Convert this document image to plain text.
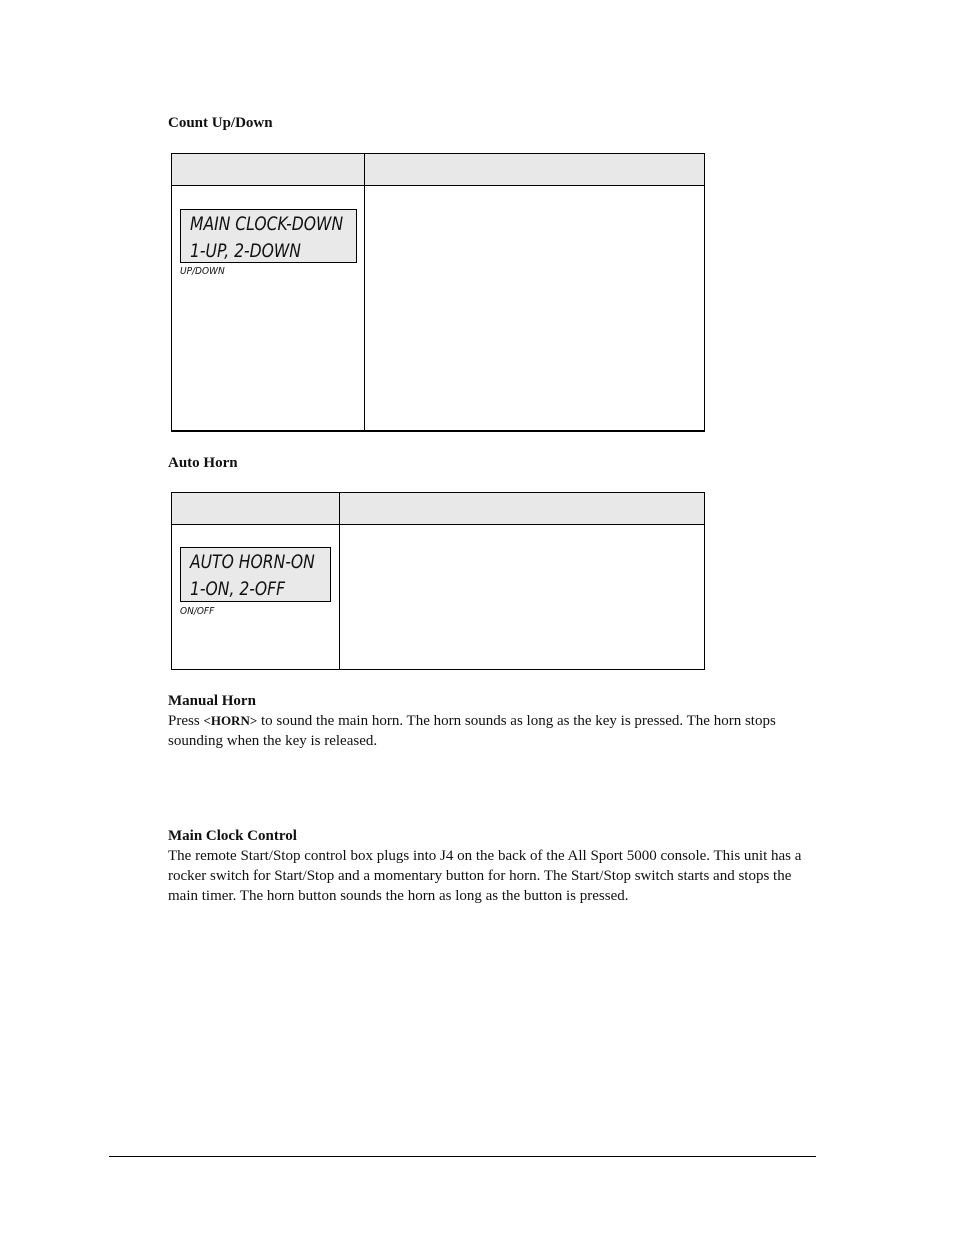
Count Up/Down
MAIN CLOCK-DOWN
1-UP, 2-DOWN
UP/DOWN
Auto Horn
AUTO HORN-ON
1-ON, 2-OFF
ON/OFF
Manual Horn
Press <HORN> to sound the main horn. The horn sounds as long as the key is pressed. The horn stops sounding when the key is released.
Main Clock Control
The remote Start/Stop control box plugs into J4 on the back of the All Sport 5000 console. This unit has a rocker switch for Start/Stop and a momentary button for horn. The Start/Stop switch starts and stops the main timer. The horn button sounds the horn as long as the button is pressed.
